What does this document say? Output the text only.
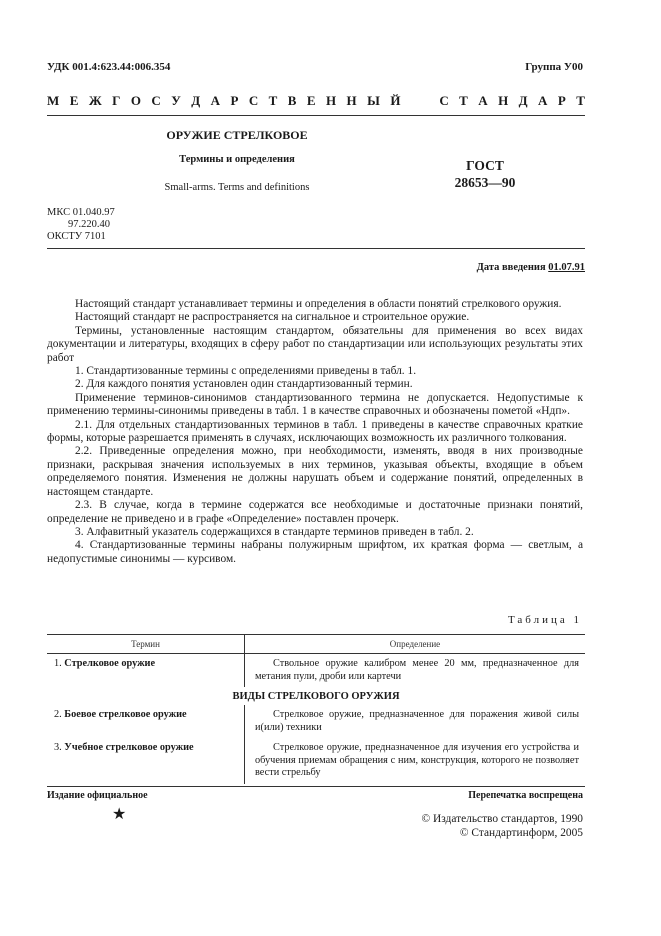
УДК 001.4:623.44:006.354	Группа У00
М Е Ж Г О С У Д А Р С Т В Е Н Н Ы Й	С Т А Н Д А Р Т
ОРУЖИЕ СТРЕЛКОВОЕ
Термины и определения
Small-arms. Terms and definitions
ГОСТ
28653—90
МКС 01.040.97
97.220.40
ОКСТУ 7101
Дата введения 01.07.91

Настоящий стандарт устанавливает термины и определения в области понятий стрелкового оружия.

Настоящий стандарт не распространяется на сигнальное и строительное оружие.

Термины, установленные настоящим стандартом, обязательны для применения во всех видах документации и литературы, входящих в сферу работ по стандартизации или использующих результаты этих работ

1. Стандартизованные термины с определениями приведены в табл. 1.

2. Для каждого понятия установлен один стандартизованный термин.

Применение терминов-синонимов стандартизованного термина не допускается. Недопустимые к применению термины-синонимы приведены в табл. 1 в качестве справочных и обозначены пометой «Ндп».

2.1. Для отдельных стандартизованных терминов в табл. 1 приведены в качестве справочных краткие формы, которые разрешается применять в случаях, исключающих возможность их различного толкования.

2.2. Приведенные определения можно, при необходимости, изменять, вводя в них производные признаки, раскрывая значения используемых в них терминов, указывая объекты, входящие в объем определяемого понятия. Изменения не должны нарушать объем и содержание понятий, определенных в настоящем стандарте.

2.3. В случае, когда в термине содержатся все необходимые и достаточные признаки понятий, определение не приведено и в графе «Определение» поставлен прочерк.

3. Алфавитный указатель содержащихся в стандарте терминов приведен в табл. 2.

4. Стандартизованные термины набраны полужирным шрифтом, их краткая форма — светлым, а недопустимые синонимы — курсивом.

Таблица 1
Термин	Определение
1. Стрелковое оружие	Ствольное оружие калибром менее 20 мм, предназначенное для метания пули, дроби или картечи
ВИДЫ СТРЕЛКОВОГО ОРУЖИЯ
2. Боевое стрелковое оружие	Стрелковое оружие, предназначенное для поражения живой силы и(или) техники
3. Учебное стрелковое оружие	Стрелковое оружие, предназначенное для изучения его устройства и обучения приемам обращения с ним, конструкция, которого не позволяет вести стрельбу
Издание официальное	Перепечатка воспрещена
★	© Издательство стандартов, 1990
© Стандартинформ, 2005
